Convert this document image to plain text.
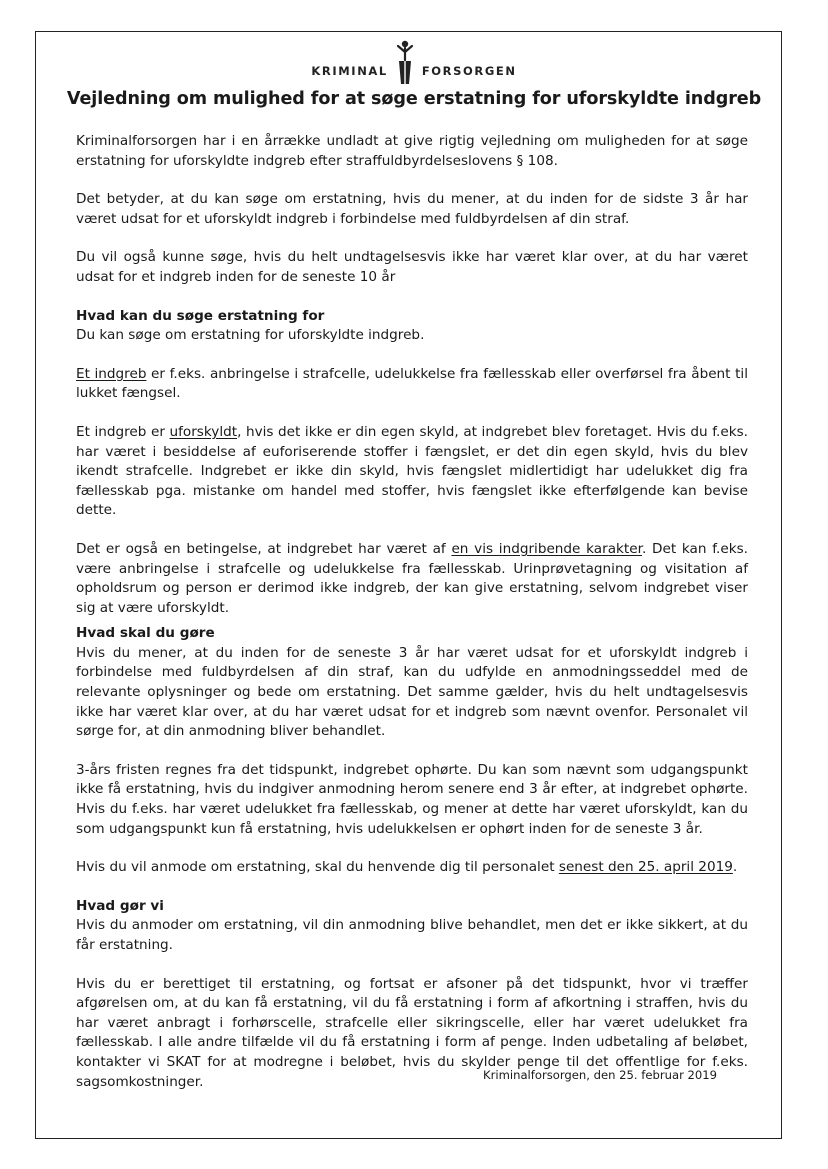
KRIMINAL	FORSORGEN
Vejledning om mulighed for at søge erstatning for uforskyldte indgreb

Kriminalforsorgen har i en årrække undladt at give rigtig vejledning om muligheden for at søge erstatning for uforskyldte indgreb efter straffuldbyrdelseslovens § 108.

Det betyder, at du kan søge om erstatning, hvis du mener, at du inden for de sidste 3 år har været udsat for et uforskyldt indgreb i forbindelse med fuldbyrdelsen af din straf.

Du vil også kunne søge, hvis du helt undtagelsesvis ikke har været klar over, at du har været udsat for et indgreb inden for de seneste 10 år

Hvad kan du søge erstatning for

Du kan søge om erstatning for uforskyldte indgreb.

Et indgreb er f.eks. anbringelse i strafcelle, udelukkelse fra fællesskab eller overførsel fra åbent til lukket fængsel.

Et indgreb er uforskyldt, hvis det ikke er din egen skyld, at indgrebet blev foretaget. Hvis du f.eks. har været i besiddelse af euforiserende stoffer i fængslet, er det din egen skyld, hvis du blev ikendt strafcelle. Indgrebet er ikke din skyld, hvis fængslet midlertidigt har udelukket dig fra fællesskab pga. mistanke om handel med stoffer, hvis fængslet ikke efterfølgende kan bevise dette.

Det er også en betingelse, at indgrebet har været af en vis indgribende karakter. Det kan f.eks. være anbringelse i strafcelle og udelukkelse fra fællesskab. Urinprøvetagning og visitation af opholdsrum og person er derimod ikke indgreb, der kan give erstatning, selvom indgrebet viser sig at være uforskyldt.

Hvad skal du gøre

Hvis du mener, at du inden for de seneste 3 år har været udsat for et uforskyldt indgreb i forbindelse med fuldbyrdelsen af din straf, kan du udfylde en anmodningsseddel med de relevante oplysninger og bede om erstatning. Det samme gælder, hvis du helt undtagelsesvis ikke har været klar over, at du har været udsat for et indgreb som nævnt ovenfor. Personalet vil sørge for, at din anmodning bliver behandlet.

3-års fristen regnes fra det tidspunkt, indgrebet ophørte. Du kan som nævnt som udgangspunkt ikke få erstatning, hvis du indgiver anmodning herom senere end 3 år efter, at indgrebet ophørte. Hvis du f.eks. har været udelukket fra fællesskab, og mener at dette har været uforskyldt, kan du som udgangspunkt kun få erstatning, hvis udelukkelsen er ophørt inden for de seneste 3 år.

Hvis du vil anmode om erstatning, skal du henvende dig til personalet senest den 25. april 2019.

Hvad gør vi

Hvis du anmoder om erstatning, vil din anmodning blive behandlet, men det er ikke sikkert, at du får erstatning.

Hvis du er berettiget til erstatning, og fortsat er afsoner på det tidspunkt, hvor vi træffer afgørelsen om, at du kan få erstatning, vil du få erstatning i form af afkortning i straffen, hvis du har været anbragt i forhørscelle, strafcelle eller sikringscelle, eller har været udelukket fra fællesskab. I alle andre tilfælde vil du få erstatning i form af penge. Inden udbetaling af beløbet, kontakter vi SKAT for at modregne i beløbet, hvis du skylder penge til det offentlige for f.eks. sagsomkostninger.	Kriminalforsorgen, den 25. februar 2019
